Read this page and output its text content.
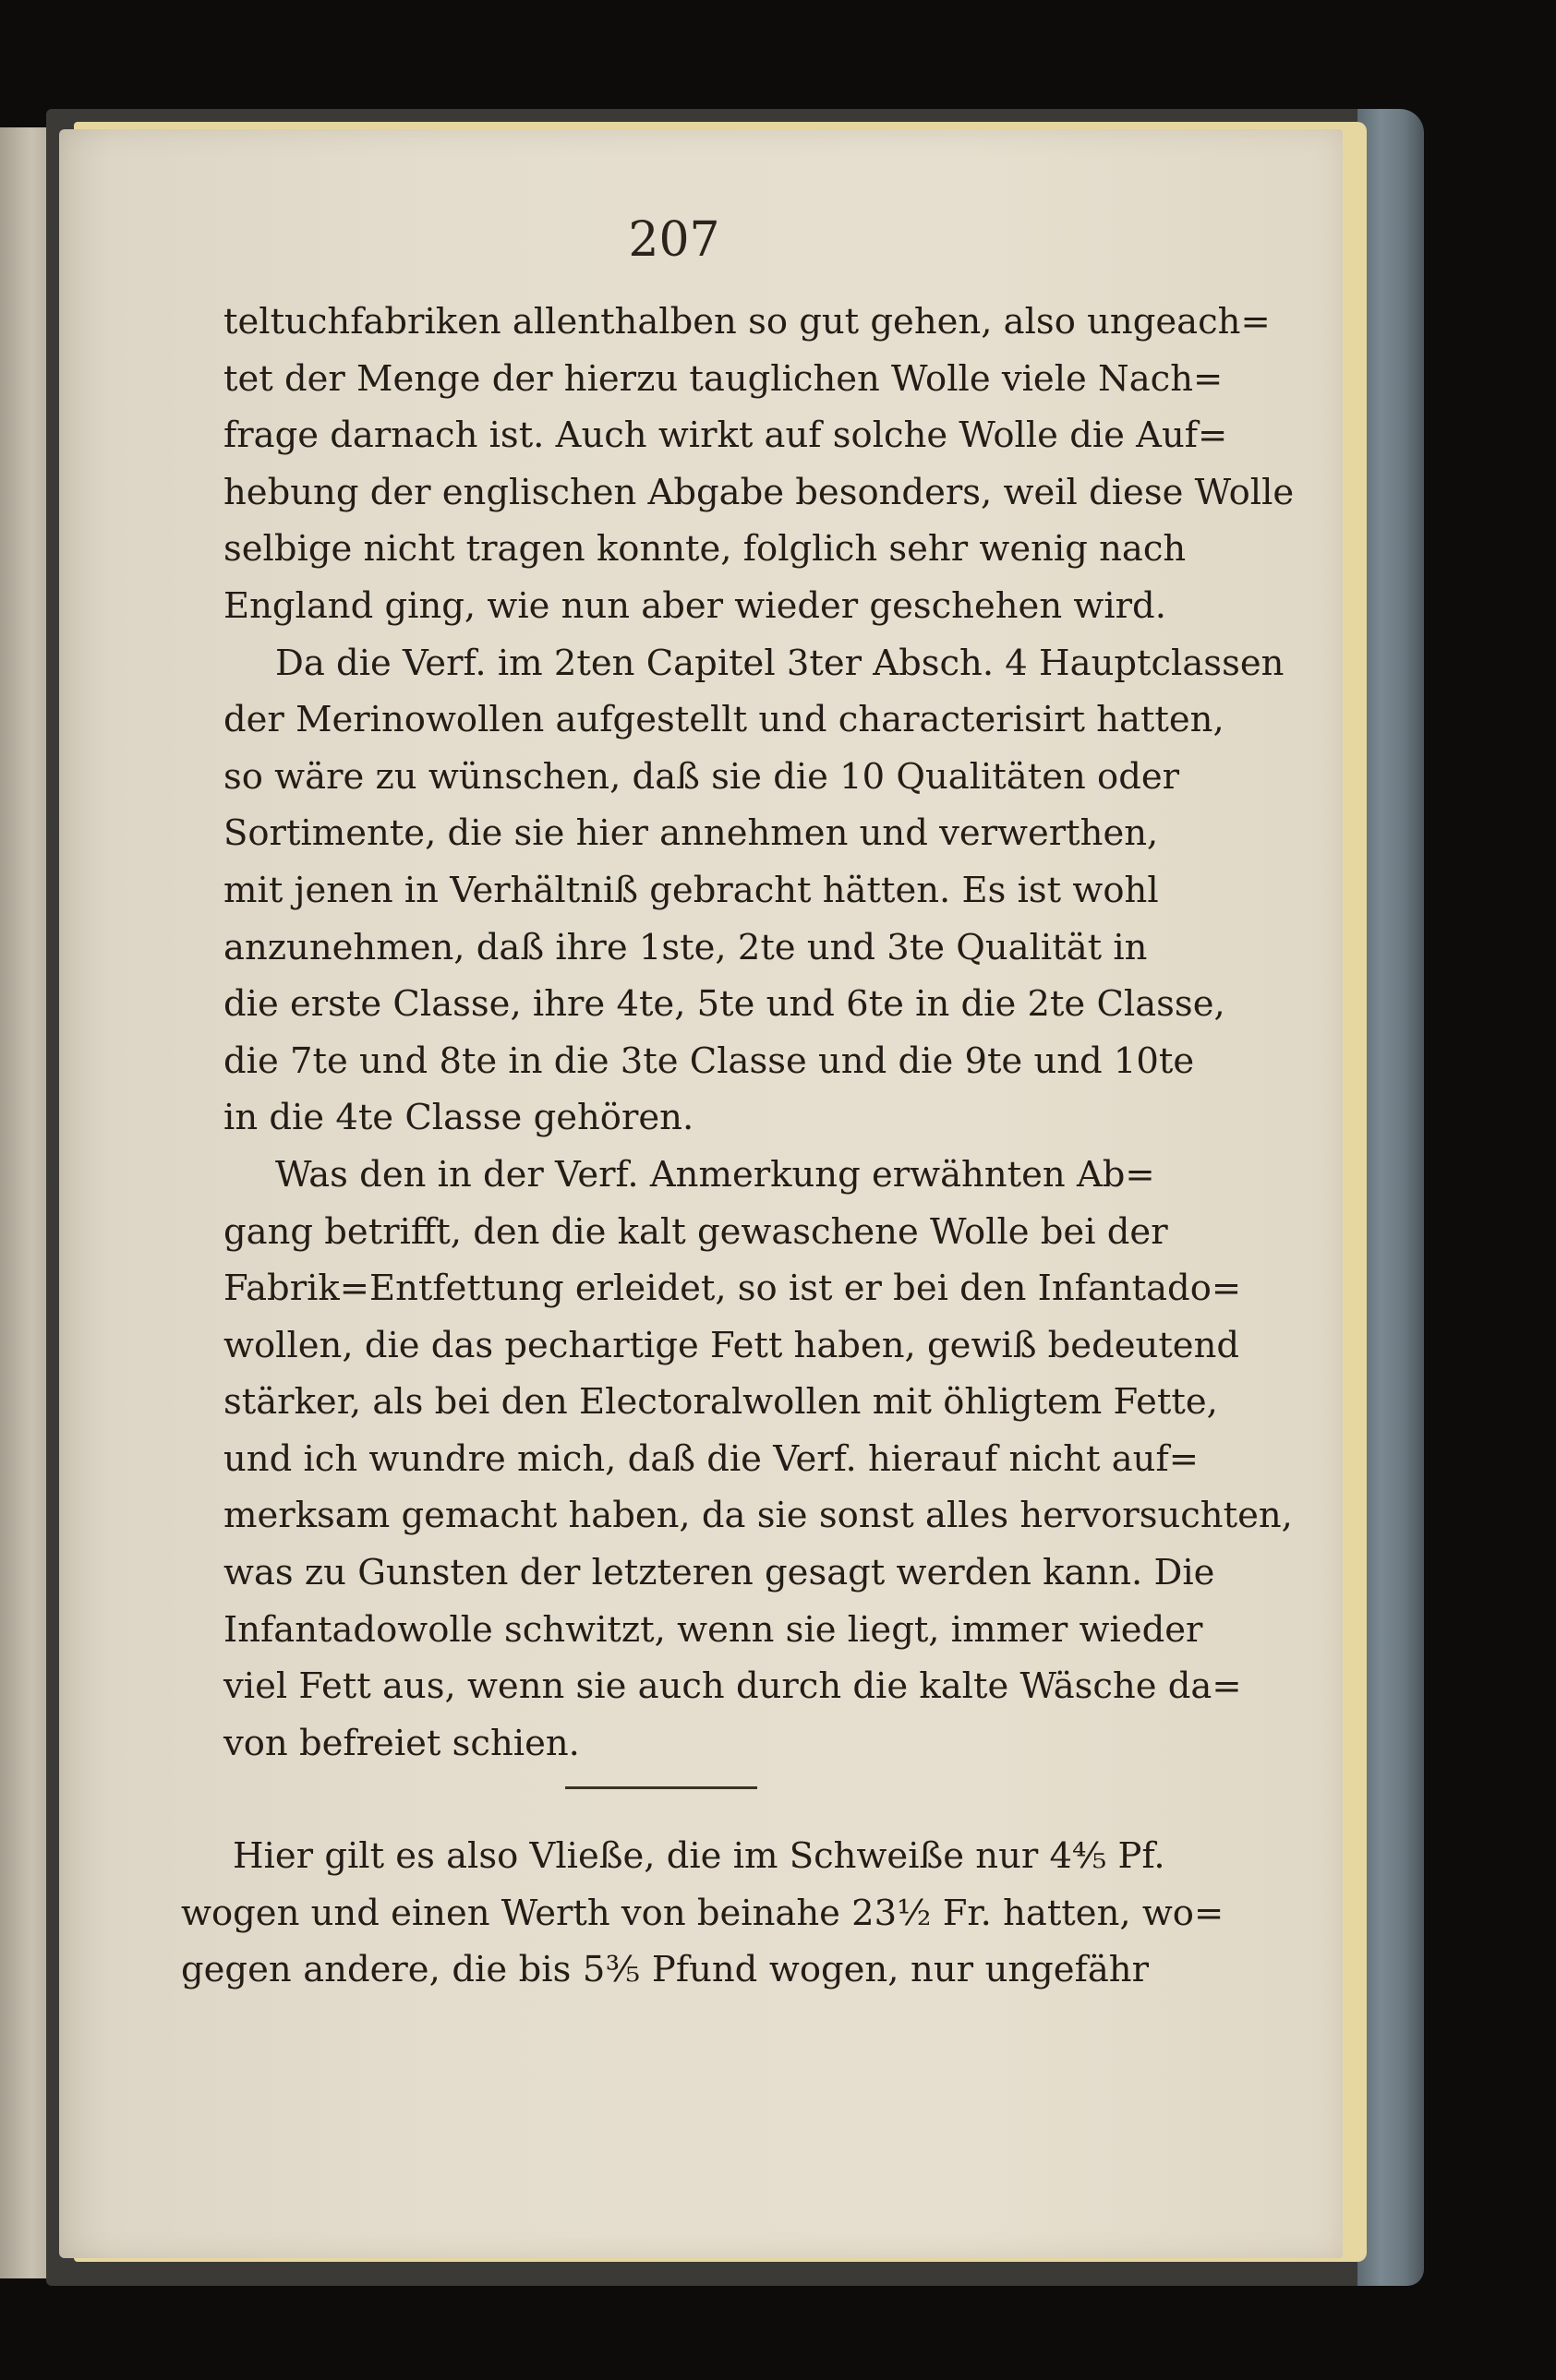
207
teltuchfabriken allenthalben so gut gehen, also ungeach=
tet der Menge der hierzu tauglichen Wolle viele Nach=
frage darnach ist. Auch wirkt auf solche Wolle die Auf=
hebung der englischen Abgabe besonders, weil diese Wolle
selbige nicht tragen konnte, folglich sehr wenig nach
England ging, wie nun aber wieder geschehen wird.
Da die Verf. im 2ten Capitel 3ter Absch. 4 Hauptclassen
der Merinowollen aufgestellt und characterisirt hatten,
so wäre zu wünschen, daß sie die 10 Qualitäten oder
Sortimente, die sie hier annehmen und verwerthen,
mit jenen in Verhältniß gebracht hätten. Es ist wohl
anzunehmen, daß ihre 1ste, 2te und 3te Qualität in
die erste Classe, ihre 4te, 5te und 6te in die 2te Classe,
die 7te und 8te in die 3te Classe und die 9te und 10te
in die 4te Classe gehören.
Was den in der Verf. Anmerkung erwähnten Ab=
gang betrifft, den die kalt gewaschene Wolle bei der
Fabrik=Entfettung erleidet, so ist er bei den Infantado=
wollen, die das pechartige Fett haben, gewiß bedeutend
stärker, als bei den Electoralwollen mit öhligtem Fette,
und ich wundre mich, daß die Verf. hierauf nicht auf=
merksam gemacht haben, da sie sonst alles hervorsuchten,
was zu Gunsten der letzteren gesagt werden kann. Die
Infantadowolle schwitzt, wenn sie liegt, immer wieder
viel Fett aus, wenn sie auch durch die kalte Wäsche da=
von befreiet schien.
Hier gilt es also Vließe, die im Schweiße nur 4⅘ Pf.
wogen und einen Werth von beinahe 23½ Fr. hatten, wo=
gegen andere, die bis 5⅗ Pfund wogen, nur ungefähr
